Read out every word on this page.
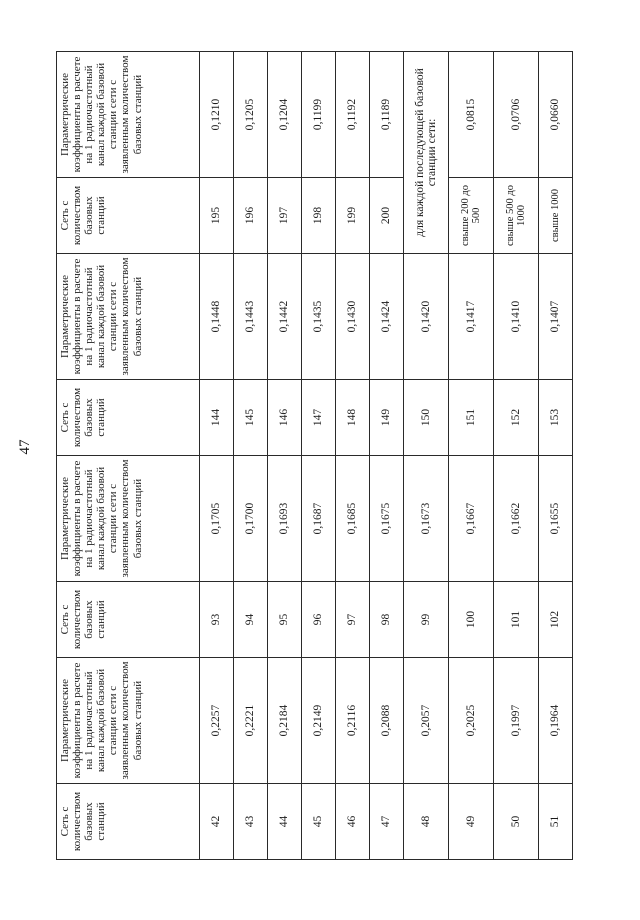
47
Сеть с количеством базовых станций	Параметрические коэффициенты в расчете на 1 радиочастотный канал каждой базовой станции сети с заявленным количеством базовых станций	Сеть с количеством базовых станций	Параметрические коэффициенты в расчете на 1 радиочастотный канал каждой базовой станции сети с заявленным количеством базовых станций	Сеть с количеством базовых станций	Параметрические коэффициенты в расчете на 1 радиочастотный канал каждой базовой станции сети с заявленным количеством базовых станций	Сеть с количеством базовых станций	Параметрические коэффициенты в расчете на 1 радиочастотный канал каждой базовой станции сети с заявленным количеством базовых станций
42	0,2257	93	0,1705	144	0,1448	195	0,1210
43	0,2221	94	0,1700	145	0,1443	196	0,1205
44	0,2184	95	0,1693	146	0,1442	197	0,1204
45	0,2149	96	0,1687	147	0,1435	198	0,1199
46	0,2116	97	0,1685	148	0,1430	199	0,1192
47	0,2088	98	0,1675	149	0,1424	200	0,1189
48	0,2057	99	0,1673	150	0,1420	для каждой последующей базовой станции сети:	
49	0,2025	100	0,1667	151	0,1417	свыше 200 до 500	0,0815
50	0,1997	101	0,1662	152	0,1410	свыше 500 до 1000	0,0706
51	0,1964	102	0,1655	153	0,1407	свыше 1000	0,0660
